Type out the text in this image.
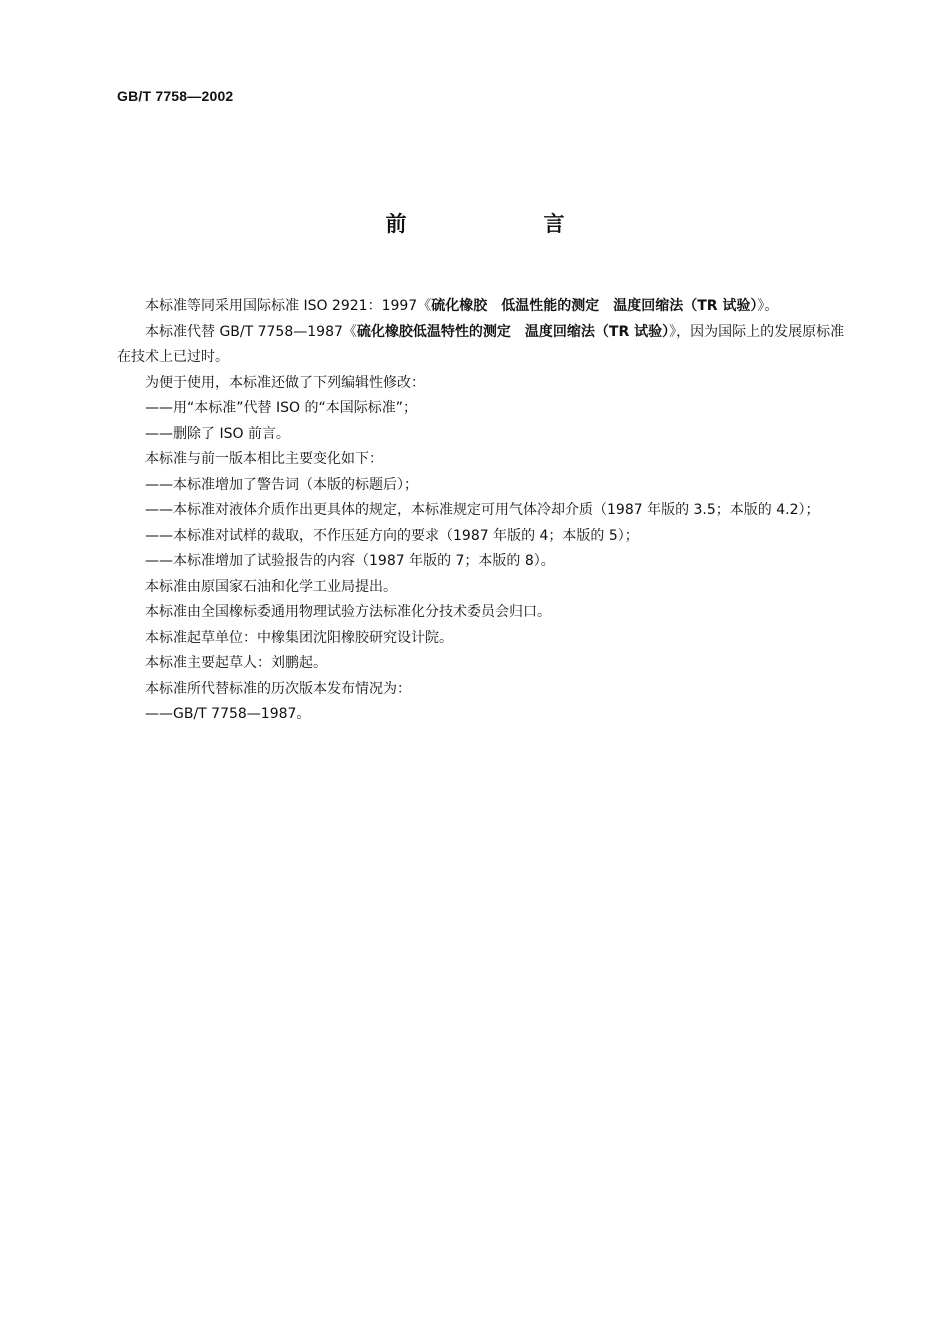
GB/T 7758—2002
前　言

本标准等同采用国际标准 ISO 2921：1997《硫化橡胶　低温性能的测定　温度回缩法（TR 试验）》。

本标准代替 GB/T 7758—1987《硫化橡胶低温特性的测定　温度回缩法（TR 试验）》，因为国际上的发展原标准在技术上已过时。

为便于使用，本标准还做了下列编辑性修改：

——用“本标准”代替 ISO 的“本国际标准”；

——删除了 ISO 前言。

本标准与前一版本相比主要变化如下：

——本标准增加了警告词（本版的标题后）；

——本标准对液体介质作出更具体的规定，本标准规定可用气体冷却介质（1987 年版的 3.5；本版的 4.2）；

——本标准对试样的裁取，不作压延方向的要求（1987 年版的 4；本版的 5）；

——本标准增加了试验报告的内容（1987 年版的 7；本版的 8）。

本标准由原国家石油和化学工业局提出。

本标准由全国橡标委通用物理试验方法标准化分技术委员会归口。

本标准起草单位：中橡集团沈阳橡胶研究设计院。

本标准主要起草人：刘鹏起。

本标准所代替标准的历次版本发布情况为：

——GB/T 7758—1987。
